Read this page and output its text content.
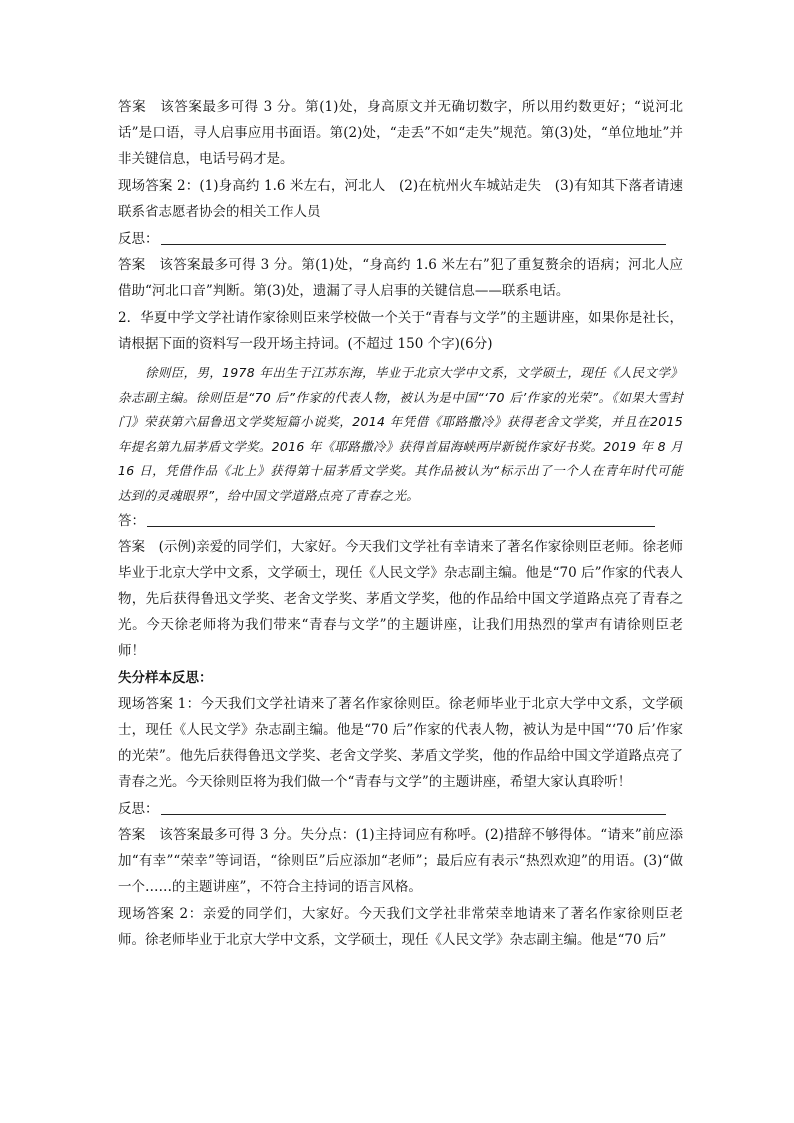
答案　该答案最多可得 3 分。第(1)处，身高原文并无确切数字，所以用约数更好；“说河北话”是口语，寻人启事应用书面语。第(2)处，“走丢”不如“走失”规范。第(3)处，“单位地址”并非关键信息，电话号码才是。

现场答案 2：(1)身高约 1.6 米左右，河北人　(2)在杭州火车城站走失　(3)有知其下落者请速联系省志愿者协会的相关工作人员

反思：

答案　该答案最多可得 3 分。第(1)处，“身高约 1.6 米左右”犯了重复赘余的语病；河北人应借助“河北口音”判断。第(3)处，遗漏了寻人启事的关键信息——联系电话。

2．华夏中学文学社请作家徐则臣来学校做一个关于“青春与文学”的主题讲座，如果你是社长，请根据下面的资料写一段开场主持词。(不超过 150 个字)(6分)

徐则臣，男，1978 年出生于江苏东海，毕业于北京大学中文系，文学硕士，现任《人民文学》杂志副主编。徐则臣是“70 后”作家的代表人物，被认为是中国“‘70 后’作家的光荣”。《如果大雪封门》荣获第六届鲁迅文学奖短篇小说奖，2014 年凭借《耶路撒冷》获得老舍文学奖，并且在2015 年提名第九届茅盾文学奖。2016 年《耶路撒冷》获得首届海峡两岸新锐作家好书奖。2019 年 8 月 16 日，凭借作品《北上》获得第十届茅盾文学奖。其作品被认为“标示出了一个人在青年时代可能达到的灵魂眼界”，给中国文学道路点亮了青春之光。

答：

答案　(示例)亲爱的同学们，大家好。今天我们文学社有幸请来了著名作家徐则臣老师。徐老师毕业于北京大学中文系，文学硕士，现任《人民文学》杂志副主编。他是“70 后”作家的代表人物，先后获得鲁迅文学奖、老舍文学奖、茅盾文学奖，他的作品给中国文学道路点亮了青春之光。今天徐老师将为我们带来“青春与文学”的主题讲座，让我们用热烈的掌声有请徐则臣老师！

失分样本反思：

现场答案 1：今天我们文学社请来了著名作家徐则臣。徐老师毕业于北京大学中文系，文学硕士，现任《人民文学》杂志副主编。他是“70 后”作家的代表人物，被认为是中国“‘70 后’作家的光荣”。他先后获得鲁迅文学奖、老舍文学奖、茅盾文学奖，他的作品给中国文学道路点亮了青春之光。今天徐则臣将为我们做一个“青春与文学”的主题讲座，希望大家认真聆听！

反思：

答案　该答案最多可得 3 分。失分点：(1)主持词应有称呼。(2)措辞不够得体。“请来”前应添加“有幸”“荣幸”等词语，“徐则臣”后应添加“老师”；最后应有表示“热烈欢迎”的用语。(3)“做一个……的主题讲座”，不符合主持词的语言风格。

现场答案 2：亲爱的同学们，大家好。今天我们文学社非常荣幸地请来了著名作家徐则臣老师。徐老师毕业于北京大学中文系，文学硕士，现任《人民文学》杂志副主编。他是“70 后”
